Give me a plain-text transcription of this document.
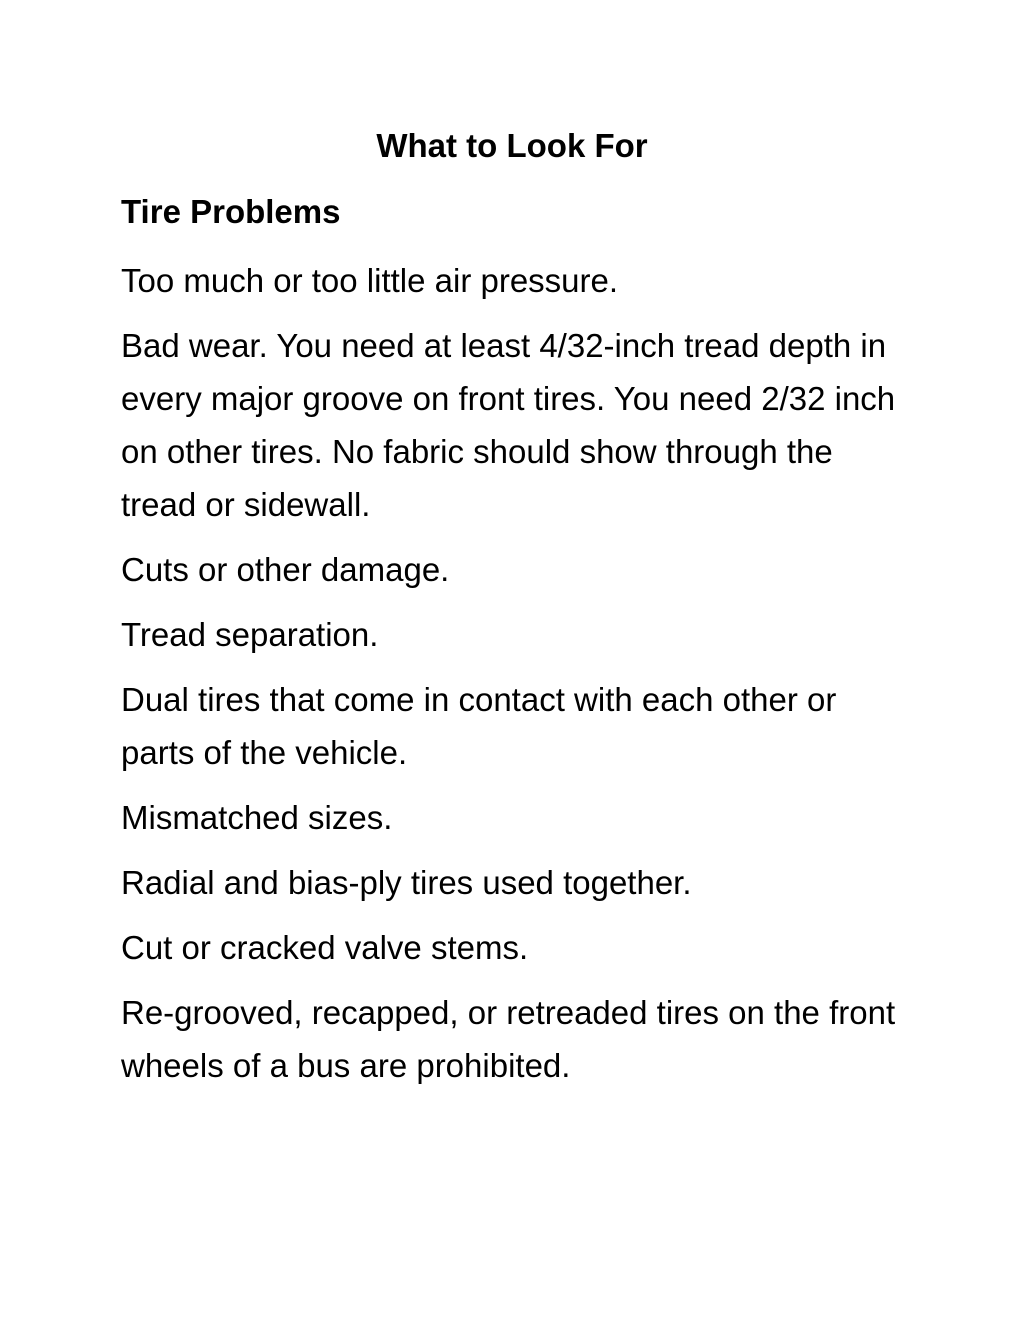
What to Look For
Tire Problems
Too much or too little air pressure.
Bad wear. You need at least 4/32-inch tread depth in every major groove on front tires. You need 2/32 inch on other tires. No fabric should show through the tread or sidewall.
Cuts or other damage.
Tread separation.
Dual tires that come in contact with each other or parts of the vehicle.
Mismatched sizes.
Radial and bias-ply tires used together.
Cut or cracked valve stems.
Re-grooved, recapped, or retreaded tires on the front wheels of a bus are prohibited.
